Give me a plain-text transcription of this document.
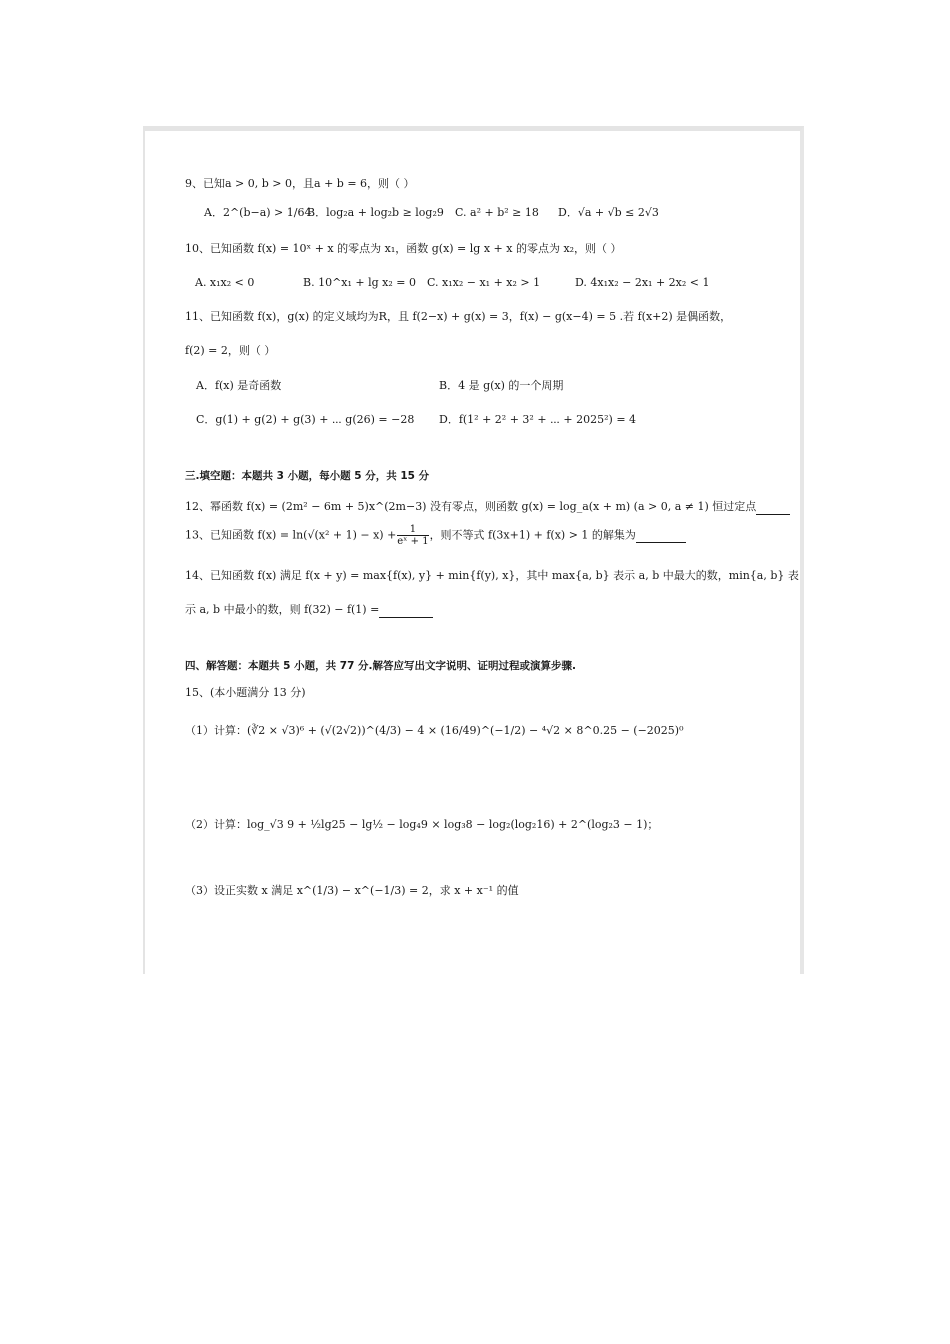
9、已知a > 0, b > 0，且a + b = 6，则（ ）
A．2^(b−a) > 1/64
B．log₂a + log₂b ≥ log₂9 C. a² + b² ≥ 18 D．√a + √b ≤ 2√3
10、已知函数 f(x) = 10ˣ + x 的零点为 x₁，函数 g(x) = lg x + x 的零点为 x₂，则（ ）
A. x₁x₂ < 0	B. 10^x₁ + lg x₂ = 0 C. x₁x₂ − x₁ + x₂ > 1	D. 4x₁x₂ − 2x₁ + 2x₂ < 1
11、已知函数 f(x)，g(x) 的定义域均为R，且 f(2−x) + g(x) = 3，f(x) − g(x−4) = 5 .若 f(x+2) 是偶函数，
f(2) = 2，则（ ）
A．f(x) 是奇函数	B．4 是 g(x) 的一个周期
C．g(1) + g(2) + g(3) + ⋯ g(26) = −28 D．f(1² + 2² + 3² + ⋯ + 2025²) = 4
三.填空题：本题共 3 小题，每小题 5 分，共 15 分
12、幂函数 f(x) = (2m² − 6m + 5)x^(2m−3) 没有零点，则函数 g(x) = log_a(x + m) (a > 0, a ≠ 1) 恒过定点
13、已知函数 $f(x) = \ln(√(x^2 + 1) - x) + \frac{1}{\text{eˣ + 1}}$ ，则不等式 f(3x+1) + f(x) > 1 的解集为
14、已知函数 f(x) 满足 f(x + y) = max{f(x), y} + min{f(y), x}，其中 max{a, b} 表示 a, b 中最大的数，min{a, b} 表
示 a, b 中最小的数，则 f(32) − f(1) =
四、解答题：本题共 5 小题，共 77 分.解答应写出文字说明、证明过程或演算步骤.
15、(本小题满分 13 分)
（1）计算：(∛2 × √3)⁶ + (√(2√2))^(4/3) − 4 × (16/49)^(−1/2) − ⁴√2 × 8^0.25 − (−2025)⁰
（2）计算：log_√3 9 + ½lg25 − lg½ − log₄9 × log₃8 − log₂(log₂16) + 2^(log₂3 − 1)；
（3）设正实数 x 满足 x^(1/3) − x^(−1/3) = 2，求 x + x⁻¹ 的值
